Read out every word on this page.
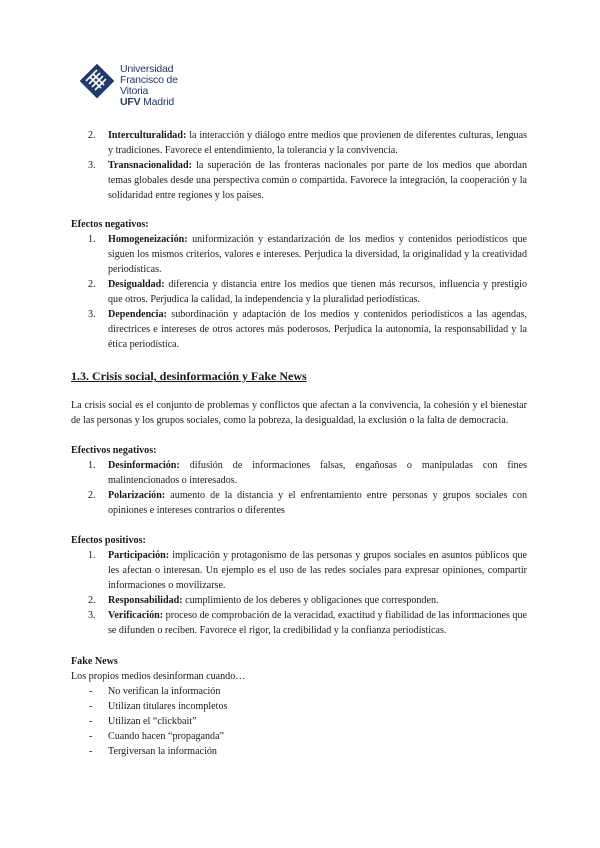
Universidad
Francisco de Vitoria
UFV Madrid
2. Interculturalidad: la interacción y diálogo entre medios que provienen de diferentes culturas, lenguas y tradiciones. Favorece el entendimiento, la tolerancia y la convivencia.
3. Transnacionalidad: la superación de las fronteras nacionales por parte de los medios que abordan temas globales desde una perspectiva común o compartida. Favorece la integración, la cooperación y la solidaridad entre regiones y los países.
Efectos negativos:
1. Homogeneización: uniformización y estandarización de los medios y contenidos periodísticos que siguen los mismos criterios, valores e intereses. Perjudica la diversidad, la originalidad y la creatividad periodísticas.
2. Desigualdad: diferencia y distancia entre los medios que tienen más recursos, influencia y prestigio que otros. Perjudica la calidad, la independencia y la pluralidad periodísticas.
3. Dependencia: subordinación y adaptación de los medios y contenidos periodísticos a las agendas, directrices e intereses de otros actores más poderosos. Perjudica la autonomía, la responsabilidad y la ética periodística.
1.3. Crisis social, desinformación y Fake News

La crisis social es el conjunto de problemas y conflictos que afectan a la convivencia, la cohesión y el bienestar de las personas y los grupos sociales, como la pobreza, la desigualdad, la exclusión o la falta de democracia.

Efectivos negativos:
1. Desinformación: difusión de informaciones falsas, engañosas o manipuladas con fines malintencionados o interesados.
2. Polarización: aumento de la distancia y el enfrentamiento entre personas y grupos sociales con opiniones e intereses contrarios o diferentes
Efectos positivos:
1. Participación: implicación y protagonismo de las personas y grupos sociales en asuntos públicos que les afectan o interesan. Un ejemplo es el uso de las redes sociales para expresar opiniones, compartir informaciones o movilizarse.
2. Responsabilidad: cumplimiento de los deberes y obligaciones que corresponden.
3. Verificación: proceso de comprobación de la veracidad, exactitud y fiabilidad de las informaciones que se difunden o reciben. Favorece el rigor, la credibilidad y la confianza periodísticas.
Fake News

Los propios medios desinforman cuando…

- No verifican la información
- Utilizan titulares incompletos
- Utilizan el “clickbait”
- Cuando hacen “propaganda”
- Tergiversan la información
